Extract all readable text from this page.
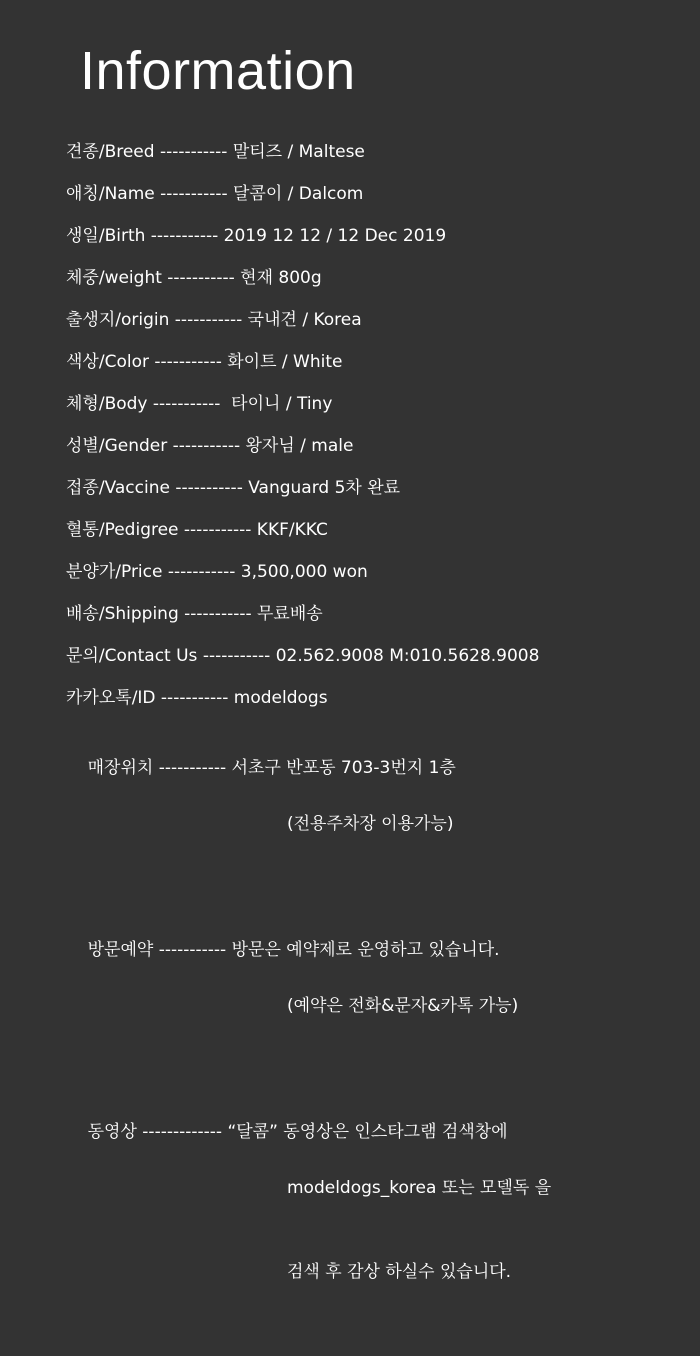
Information
견종/Breed ----------- 말티즈 / Maltese
애칭/Name ----------- 달콤이 / Dalcom
생일/Birth ----------- 2019 12 12 / 12 Dec 2019
체중/weight ----------- 현재 800g
출생지/origin ----------- 국내견 / Korea
색상/Color ----------- 화이트 / White
체형/Body -----------  타이니 / Tiny
성별/Gender ----------- 왕자님 / male
접종/Vaccine ----------- Vanguard 5차 완료
혈통/Pedigree ----------- KKF/KKC
분양가/Price ----------- 3,500,000 won
배송/Shipping ----------- 무료배송
문의/Contact Us ----------- 02.562.9008 M:010.5628.9008
카카오톡/ID ----------- modeldogs

매장위치 ----------- 서초구 반포동 703-3번지 1층

(전용주차장 이용가능)

방문예약 ----------- 방문은 예약제로 운영하고 있습니다.

(예약은 전화&문자&카톡 가능)

동영상 ------------- “달콤” 동영상은 인스타그램 검색창에

modeldogs_korea 또는 모델독 을

검색 후 감상 하실수 있습니다.
